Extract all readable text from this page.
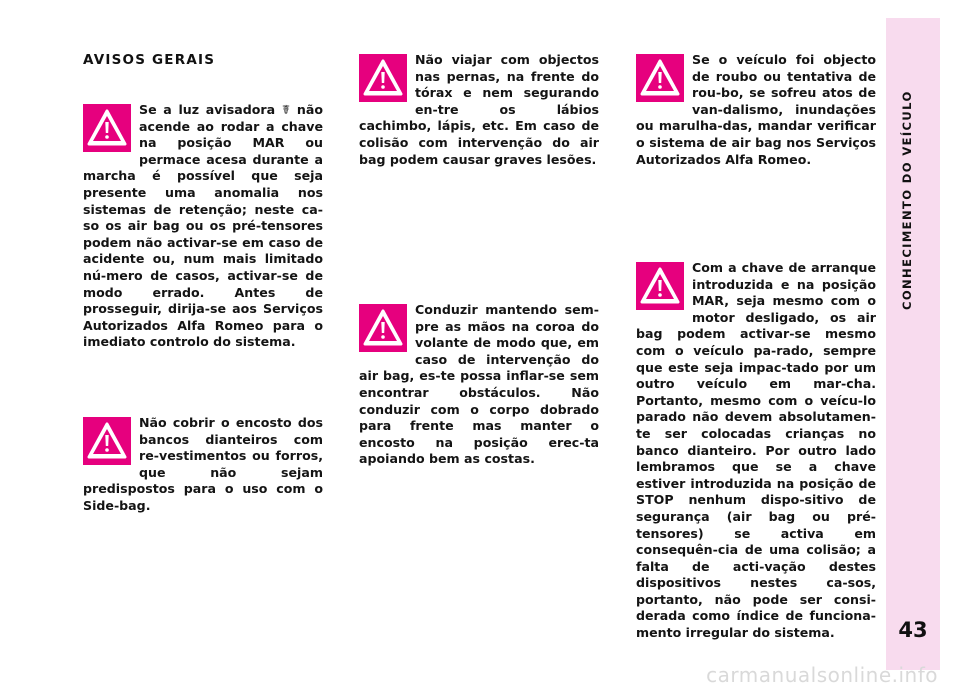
CONHECIMENTO DO VEÍCULO
43
AVISOS GERAIS
Se a luz avisadora ☤ não acende ao rodar a chave na posição MAR ou permace acesa durante a marcha é possível que seja presente uma anomalia nos sistemas de retenção; neste ca-so os air bag ou os pré-tensores podem não activar-se em caso de acidente ou, num mais limitado nú-mero de casos, activar-se de modo errado. Antes de prosseguir, dirija-se aos Serviços Autorizados Alfa Romeo para o imediato controlo do sistema.
Não cobrir o encosto dos bancos dianteiros com re-vestimentos ou forros, que não sejam predispostos para o uso com o Side-bag.
Não viajar com objectos nas pernas, na frente do tórax e nem segurando en-tre os lábios cachimbo, lápis, etc. Em caso de colisão com intervenção do air bag podem causar graves lesões.
Conduzir mantendo sem-pre as mãos na coroa do volante de modo que, em caso de intervenção do air bag, es-te possa inflar-se sem encontrar obstáculos. Não conduzir com o corpo dobrado para frente mas manter o encosto na posição erec-ta apoiando bem as costas.
Se o veículo foi objecto de roubo ou tentativa de rou-bo, se sofreu atos de van-dalismo, inundações ou marulha-das, mandar verificar o sistema de air bag nos Serviços Autorizados Alfa Romeo.
Com a chave de arranque introduzida e na posição MAR, seja mesmo com o motor desligado, os air bag podem activar-se mesmo com o veículo pa-rado, sempre que este seja impac-tado por um outro veículo em mar-cha. Portanto, mesmo com o veícu-lo parado não devem absolutamen-te ser colocadas crianças no banco dianteiro. Por outro lado lembramos que se a chave estiver introduzida na posição de STOP nenhum dispo-sitivo de segurança (air bag ou pré-tensores) se activa em consequên-cia de uma colisão; a falta de acti-vação destes dispositivos nestes ca-sos, portanto, não pode ser consi-derada como índice de funciona-mento irregular do sistema.
carmanualsonline.info
